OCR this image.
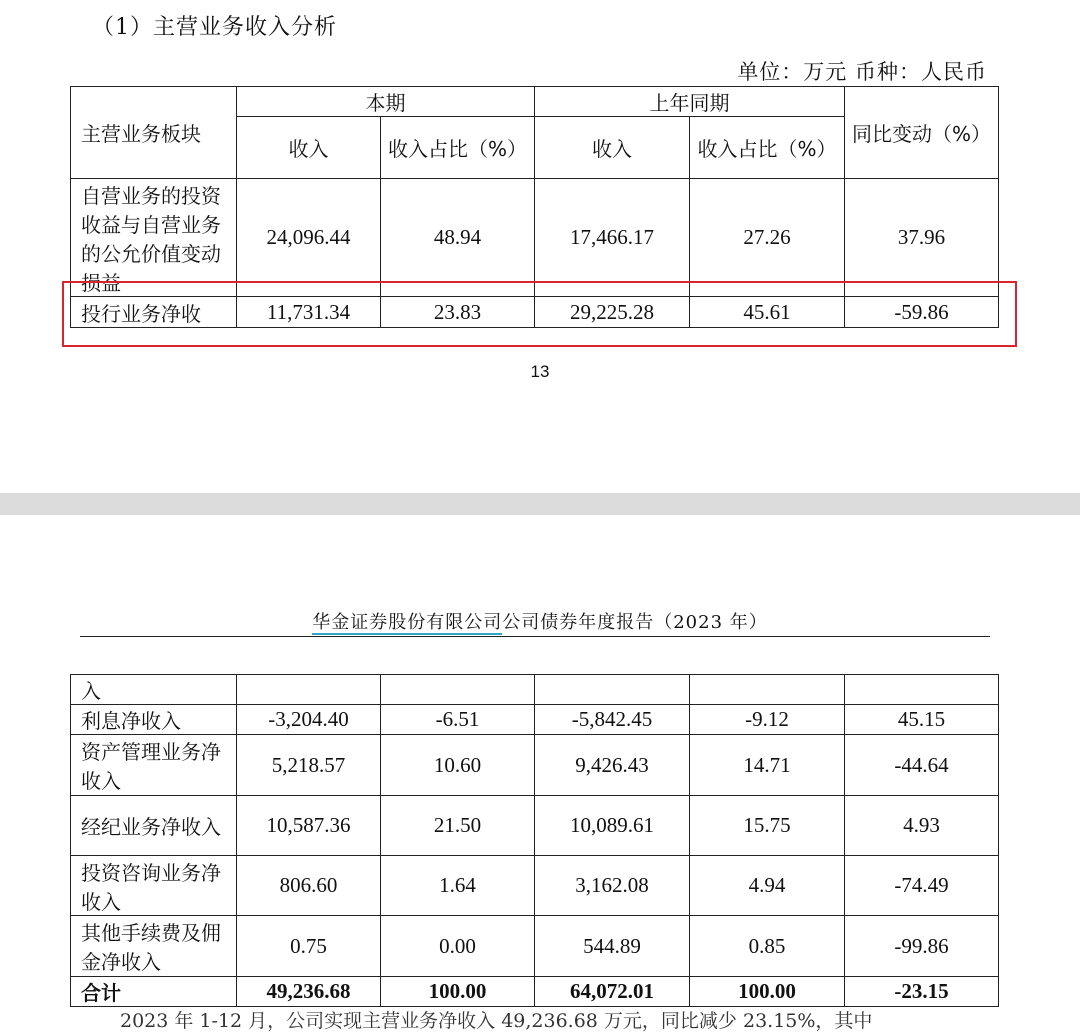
（1）主营业务收入分析
单位：万元 币种：人民币
主营业务板块	本期		上年同期		同比变动（%）
	收入	收入占比（%）	收入	收入占比（%）	
自营业务的投资收益与自营业务的公允价值变动损益	24,096.44	48.94	17,466.17	27.26	37.96
投行业务净收	11,731.34	23.83	29,225.28	45.61	-59.86
13
华金证券股份有限公司公司债券年度报告（2023 年）
入					
利息净收入	-3,204.40	-6.51	-5,842.45	-9.12	45.15
资产管理业务净收入	5,218.57	10.60	9,426.43	14.71	-44.64
经纪业务净收入	10,587.36	21.50	10,089.61	15.75	4.93
投资咨询业务净收入	806.60	1.64	3,162.08	4.94	-74.49
其他手续费及佣金净收入	0.75	0.00	544.89	0.85	-99.86
合计	49,236.68	100.00	64,072.01	100.00	-23.15
2023 年 1-12 月，公司实现主营业务净收入 49,236.68 万元，同比减少 23.15%，其中
